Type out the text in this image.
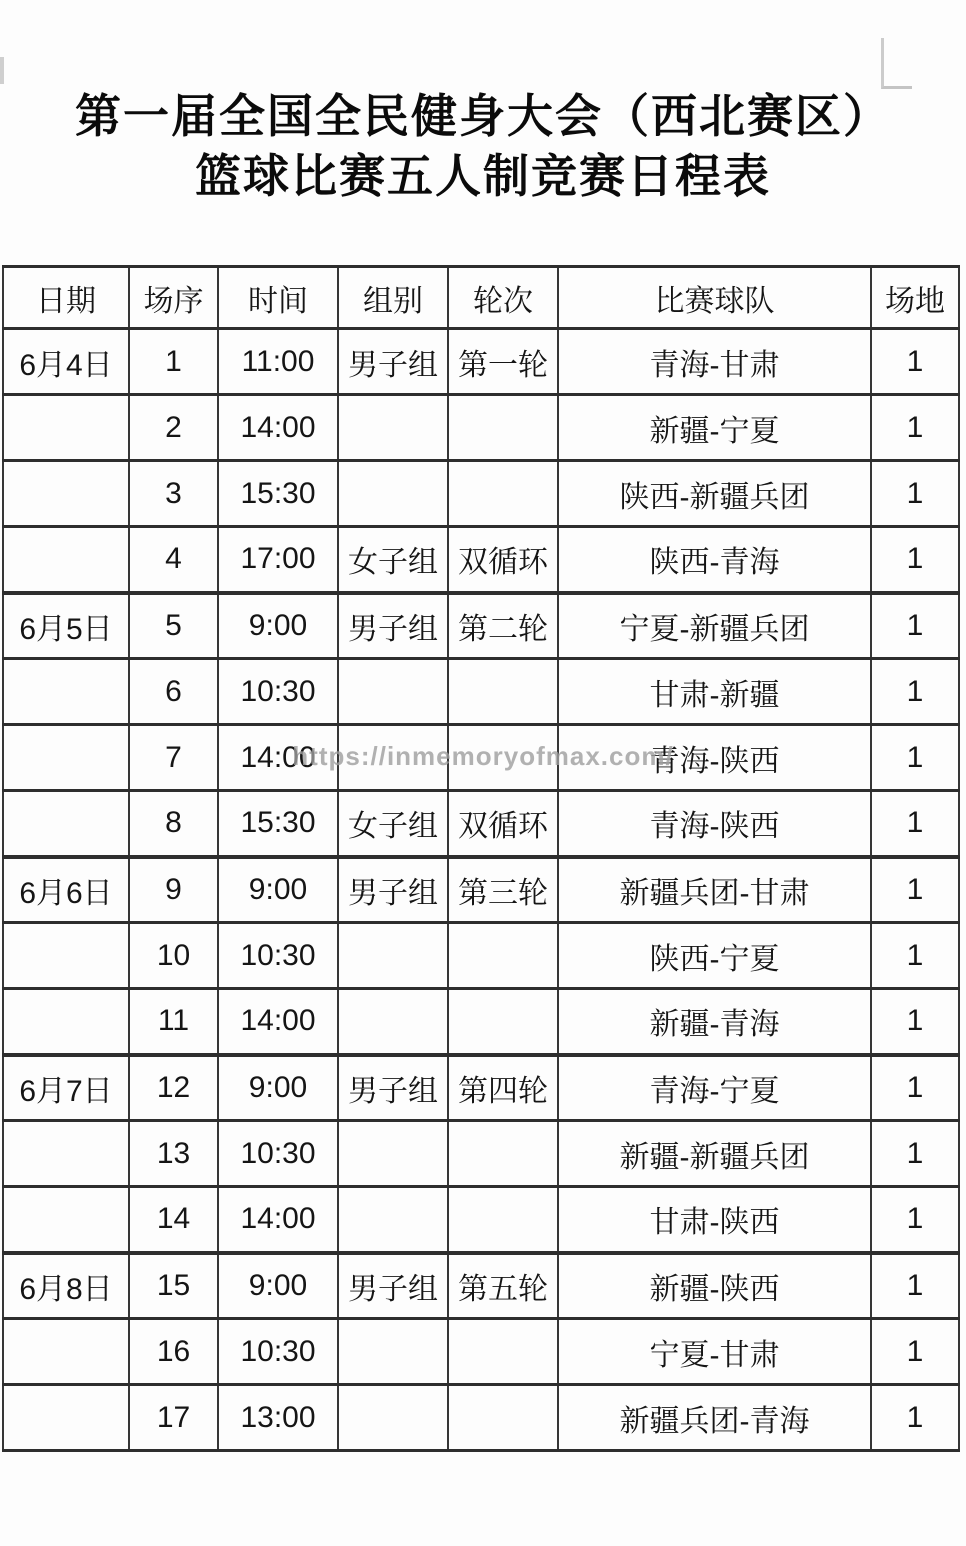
第一届全国全民健身大会（西北赛区）
篮球比赛五人制竞赛日程表
日期	场序	时间	组别	轮次	比赛球队	场地
6月4日	1	11:00	男子组	第一轮	青海-甘肃	1
	2	14:00			新疆-宁夏	1
	3	15:30			陕西-新疆兵团	1
	4	17:00	女子组	双循环	陕西-青海	1
6月5日	5	9:00	男子组	第二轮	宁夏-新疆兵团	1
	6	10:30			甘肃-新疆	1
	7	14:00			青海-陕西	1
	8	15:30	女子组	双循环	青海-陕西	1
6月6日	9	9:00	男子组	第三轮	新疆兵团-甘肃	1
	10	10:30			陕西-宁夏	1
	11	14:00			新疆-青海	1
6月7日	12	9:00	男子组	第四轮	青海-宁夏	1
	13	10:30			新疆-新疆兵团	1
	14	14:00			甘肃-陕西	1
6月8日	15	9:00	男子组	第五轮	新疆-陕西	1
	16	10:30			宁夏-甘肃	1
	17	13:00			新疆兵团-青海	1
https://inmemoryofmax.com/
